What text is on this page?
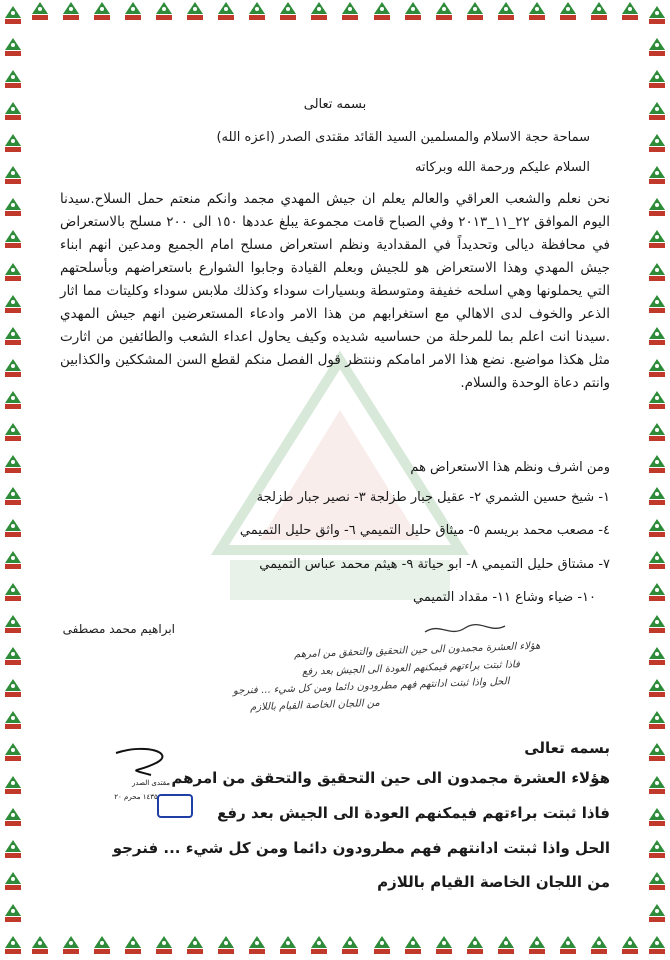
بسمه تعالى
سماحة حجة الاسلام والمسلمين السيد القائد مقتدى الصدر (اعزه الله)
السلام عليكم ورحمة الله وبركاته
نحن نعلم والشعب العراقي والعالم يعلم ان جيش المهدي مجمد وانكم منعتم حمل السلاح.سيدنا اليوم الموافق ٢٢_١١_٢٠١٣ وفي الصباح قامت مجموعة يبلغ عددها ١٥٠ الى ٢٠٠ مسلح بالاستعراض في محافظة ديالى وتحديداً في المقدادية ونظم استعراض مسلح امام الجميع ومدعين انهم ابناء جيش المهدي وهذا الاستعراض هو للجيش وبعلم القيادة وجابوا الشوارع باستعراضهم وبأسلحتهم التي يحملونها وهي اسلحه خفيفة ومتوسطة وبسيارات سوداء وكذلك ملابس سوداء وكليتات مما اثار الذعر والخوف لدى الاهالي مع استغرابهم من هذا الامر وادعاء المستعرضين انهم جيش المهدي .سيدنا انت اعلم بما للمرحلة من حساسيه شديده وكيف يحاول اعداء الشعب والطائفين من اثارت مثل هكذا مواضيع. نضع هذا الامر امامكم وننتظر قول الفصل منكم لقطع السن المشككين والكذابين وانتم دعاة الوحدة والسلام.
ومن اشرف ونظم هذا الاستعراض هم
١- شيخ حسين الشمري ٢- عقيل جبار طزلجة ٣- نصير جبار طزلجة
٤- مصعب محمد بريسم ٥- ميثاق حليل التميمي ٦- واثق حليل التميمي
٧- مشتاق حليل التميمي ٨- ابو حياتة ٩- هيثم محمد عباس التميمي
١٠- ضياء وشاع ١١- مقداد التميمي
ابراهيم محمد مصطفى
هؤلاء العشرة مجمدون الى حين التحقيق والتحقق من امرهم
فاذا ثبتت براءتهم فيمكنهم العودة الى الجيش بعد رفع
الحل واذا ثبتت ادانتهم فهم مطرودون دائما ومن كل شيء ... فنرجو
من اللجان الخاصة القيام باللازم
مقتدى الصدر
١٤٣٥ محرم ٢٠
بسمه تعالى
هؤلاء العشرة مجمدون الى حين التحقيق والتحقق من امرهم
فاذا ثبتت براءتهم فيمكنهم العودة الى الجيش بعد رفع
الحل واذا ثبتت ادانتهم فهم مطرودون دائما ومن كل شيء ... فنرجو
من اللجان الخاصة القيام باللازم
